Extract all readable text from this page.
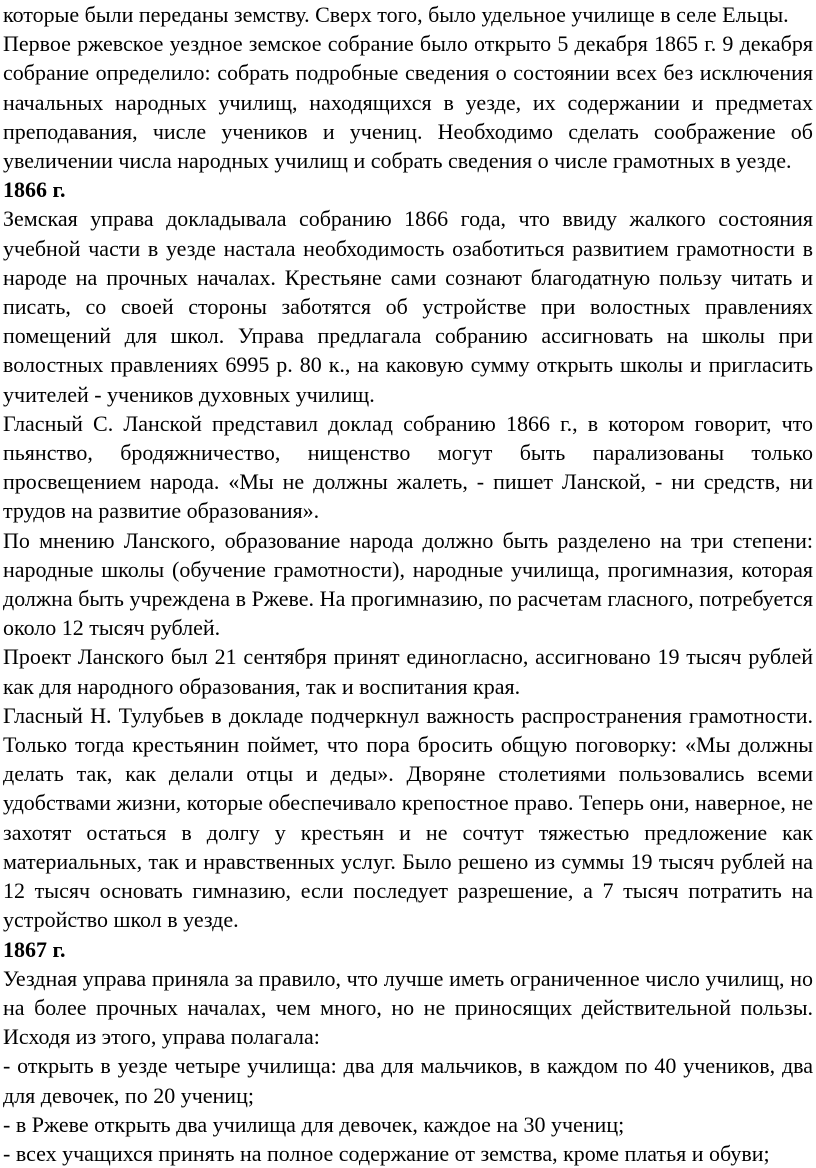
которые были переданы земству. Сверх того, было удельное училище в селе Ельцы.

Первое ржевское уездное земское собрание было открыто 5 декабря 1865 г. 9 декабря собрание определило: собрать подробные сведения о состоянии всех без исключения начальных народных училищ, находящихся в уезде, их содержании и предметах преподавания, числе учеников и учениц. Необходимо сделать соображение об увеличении числа народных училищ и собрать сведения о числе грамотных в уезде.

1866 г.

Земская управа докладывала собранию 1866 года, что ввиду жалкого состояния учебной части в уезде настала необходимость озаботиться развитием грамотности в народе на прочных началах. Крестьяне сами сознают благодатную пользу читать и писать, со своей стороны заботятся об устройстве при волостных правлениях помещений для школ. Управа предлагала собранию ассигновать на школы при волостных правлениях 6995 р. 80 к., на каковую сумму открыть школы и пригласить учителей - учеников духовных училищ.

Гласный С. Ланской представил доклад собранию 1866 г., в котором говорит, что пьянство, бродяжничество, нищенство могут быть парализованы только просвещением народа. «Мы не должны жалеть, - пишет Ланской, - ни средств, ни трудов на развитие образования».

По мнению Ланского, образование народа должно быть разделено на три степени: народные школы (обучение грамотности), народные училища, прогимназия, которая должна быть учреждена в Ржеве. На прогимназию, по расчетам гласного, потребуется около 12 тысяч рублей.

Проект Ланского был 21 сентября принят единогласно, ассигновано 19 тысяч рублей как для народного образования, так и воспитания края.

Гласный Н. Тулубьев в докладе подчеркнул важность распространения грамотности. Только тогда крестьянин поймет, что пора бросить общую поговорку: «Мы должны делать так, как делали отцы и деды». Дворяне столетиями пользовались всеми удобствами жизни, которые обеспечивало крепостное право. Теперь они, наверное, не захотят остаться в долгу у крестьян и не сочтут тяжестью предложение как материальных, так и нравственных услуг. Было решено из суммы 19 тысяч рублей на 12 тысяч основать гимназию, если последует разрешение, а 7 тысяч потратить на устройство школ в уезде.

1867 г.

Уездная управа приняла за правило, что лучше иметь ограниченное число училищ, но на более прочных началах, чем много, но не приносящих действительной пользы. Исходя из этого, управа полагала:

- открыть в уезде четыре училища: два для мальчиков, в каждом по 40 учеников, два для девочек, по 20 учениц;

- в Ржеве открыть два училища для девочек, каждое на 30 учениц;

- всех учащихся принять на полное содержание от земства, кроме платья и обуви;
